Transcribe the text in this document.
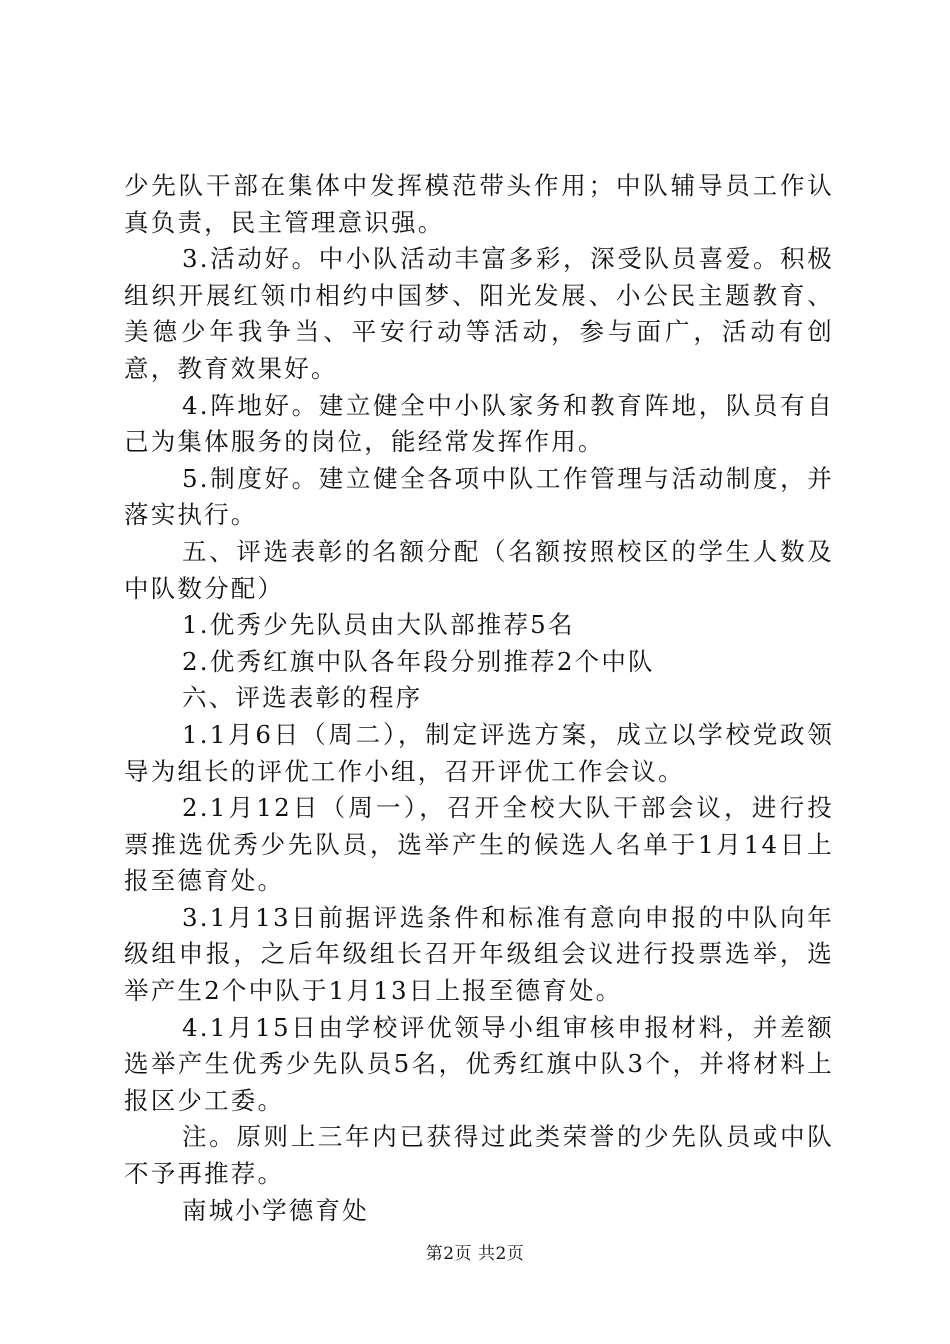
少先队干部在集体中发挥模范带头作用；中队辅导员工作认真负责，民主管理意识强。

3.活动好。中小队活动丰富多彩，深受队员喜爱。积极组织开展红领巾相约中国梦、阳光发展、小公民主题教育、美德少年我争当、平安行动等活动，参与面广，活动有创意，教育效果好。

4.阵地好。建立健全中小队家务和教育阵地，队员有自己为集体服务的岗位，能经常发挥作用。

5.制度好。建立健全各项中队工作管理与活动制度，并落实执行。

五、评选表彰的名额分配（名额按照校区的学生人数及中队数分配）

1.优秀少先队员由大队部推荐5名

2.优秀红旗中队各年段分别推荐2个中队

六、评选表彰的程序

1.1月6日（周二），制定评选方案，成立以学校党政领导为组长的评优工作小组，召开评优工作会议。

2.1月12日（周一），召开全校大队干部会议，进行投票推选优秀少先队员，选举产生的候选人名单于1月14日上报至德育处。

3.1月13日前据评选条件和标准有意向申报的中队向年级组申报，之后年级组长召开年级组会议进行投票选举，选举产生2个中队于1月13日上报至德育处。

4.1月15日由学校评优领导小组审核申报材料，并差额选举产生优秀少先队员5名，优秀红旗中队3个，并将材料上报区少工委。

注。原则上三年内已获得过此类荣誉的少先队员或中队不予再推荐。

南城小学德育处

第2页 共2页
